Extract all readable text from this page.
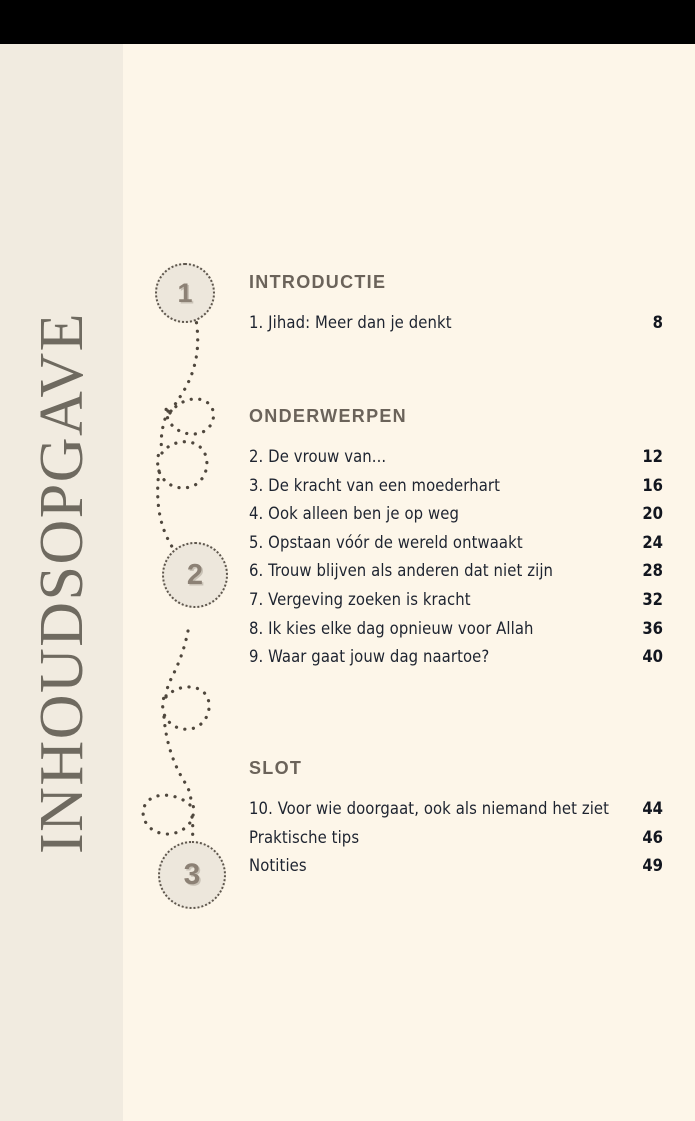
INHOUDSOPGAVE
1
2
3
INTRODUCTIE
1. Jihad: Meer dan je denkt	8
ONDERWERPEN
2. De vrouw van...	12
3. De kracht van een moederhart	16
4. Ook alleen ben je op weg	20
5. Opstaan vóór de wereld ontwaakt	24
6. Trouw blijven als anderen dat niet zijn	28
7. Vergeving zoeken is kracht	32
8. Ik kies elke dag opnieuw voor Allah	36
9. Waar gaat jouw dag naartoe?	40
SLOT
10. Voor wie doorgaat, ook als niemand het ziet	44
Praktische tips	46
Notities	49
